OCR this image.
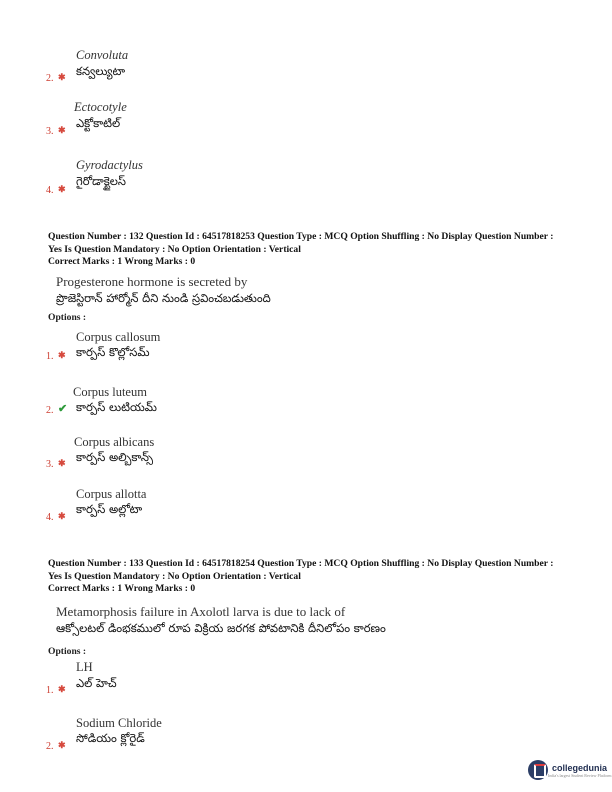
Convoluta
కన్వల్యుటా
2. ✱
Ectocotyle
ఎక్టోకాటిల్
3. ✱
Gyrodactylus
గైరోడాక్టైలస్
4. ✱
Question Number : 132 Question Id : 64517818253 Question Type : MCQ Option Shuffling : No Display Question Number : Yes Is Question Mandatory : No Option Orientation : Vertical
Correct Marks : 1 Wrong Marks : 0
Progesterone hormone is secreted by
ప్రొజెస్టిరాన్ హార్మోన్ దీని నుండి స్రవించబడుతుంది
Options :
Corpus callosum
కార్పస్ కొల్లోసమ్
1. ✱
Corpus luteum
కార్పస్ లుటియమ్
2. ✔
Corpus albicans
కార్పస్ అల్బికాన్స్
3. ✱
Corpus allotta
కార్పస్ అల్లోటా
4. ✱
Question Number : 133 Question Id : 64517818254 Question Type : MCQ Option Shuffling : No Display Question Number : Yes Is Question Mandatory : No Option Orientation : Vertical
Correct Marks : 1 Wrong Marks : 0
Metamorphosis failure in Axolotl larva is due to lack of
ఆక్సోలటల్ డింభకములో రూప విక్రియ జరగక పోవటానికి దీనిలోపం కారణం
Options :
LH
ఎల్ హెచ్
1. ✱
Sodium Chloride
సోడియం క్లోరైడ్
2. ✱
collegedunia
India's largest Student Review Platform
